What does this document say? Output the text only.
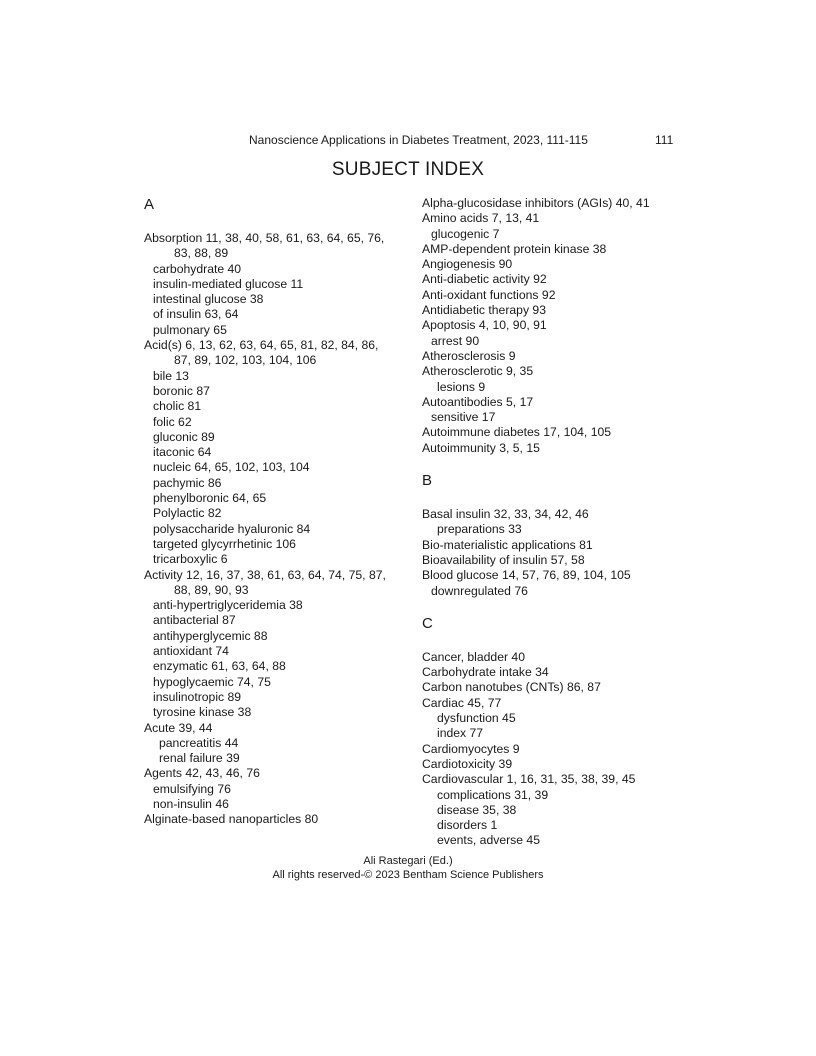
Nanoscience Applications in Diabetes Treatment, 2023, 111-115	111
SUBJECT INDEX
A
Absorption 11, 38, 40, 58, 61, 63, 64, 65, 76,
83, 88, 89
carbohydrate 40
insulin-mediated glucose 11
intestinal glucose 38
of insulin 63, 64
pulmonary 65
Acid(s) 6, 13, 62, 63, 64, 65, 81, 82, 84, 86,
87, 89, 102, 103, 104, 106
bile 13
boronic 87
cholic 81
folic 62
gluconic 89
itaconic 64
nucleic 64, 65, 102, 103, 104
pachymic 86
phenylboronic 64, 65
Polylactic 82
polysaccharide hyaluronic 84
targeted glycyrrhetinic 106
tricarboxylic 6
Activity 12, 16, 37, 38, 61, 63, 64, 74, 75, 87,
88, 89, 90, 93
anti-hypertriglyceridemia 38
antibacterial 87
antihyperglycemic 88
antioxidant 74
enzymatic 61, 63, 64, 88
hypoglycaemic 74, 75
insulinotropic 89
tyrosine kinase 38
Acute 39, 44
pancreatitis 44
renal failure 39
Agents 42, 43, 46, 76
emulsifying 76
non-insulin 46
Alginate-based nanoparticles 80
Alpha-glucosidase inhibitors (AGIs) 40, 41
Amino acids 7, 13, 41
glucogenic 7
AMP-dependent protein kinase 38
Angiogenesis 90
Anti-diabetic activity 92
Anti-oxidant functions 92
Antidiabetic therapy 93
Apoptosis 4, 10, 90, 91
arrest 90
Atherosclerosis 9
Atherosclerotic 9, 35
lesions 9
Autoantibodies 5, 17
sensitive 17
Autoimmune diabetes 17, 104, 105
Autoimmunity 3, 5, 15
B
Basal insulin 32, 33, 34, 42, 46
preparations 33
Bio-materialistic applications 81
Bioavailability of insulin 57, 58
Blood glucose 14, 57, 76, 89, 104, 105
downregulated 76
C
Cancer, bladder 40
Carbohydrate intake 34
Carbon nanotubes (CNTs) 86, 87
Cardiac 45, 77
dysfunction 45
index 77
Cardiomyocytes 9
Cardiotoxicity 39
Cardiovascular 1, 16, 31, 35, 38, 39, 45
complications 31, 39
disease 35, 38
disorders 1
events, adverse 45
Ali Rastegari (Ed.)
All rights reserved-© 2023 Bentham Science Publishers
